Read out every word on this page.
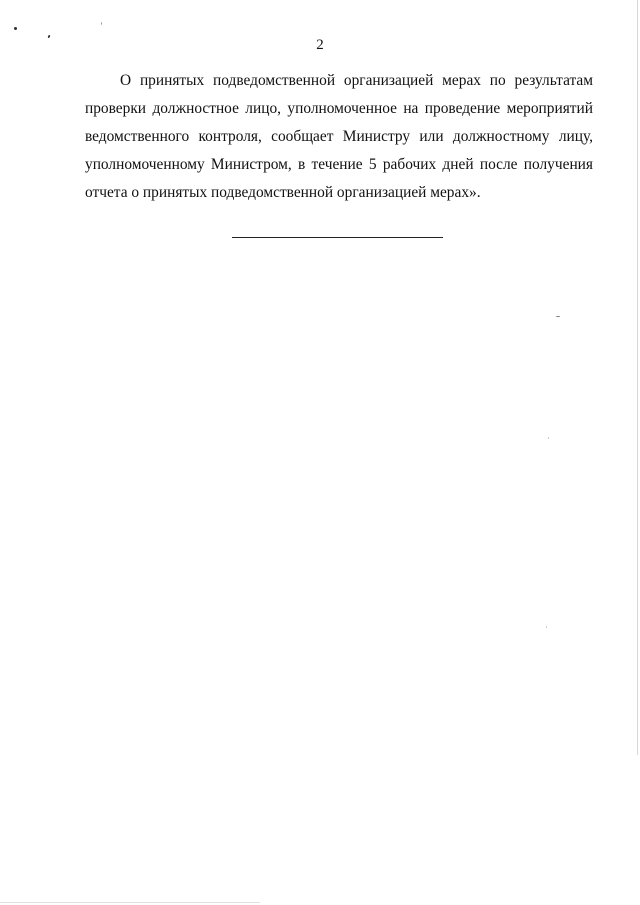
2

О принятых подведомственной организацией мерах по результатам проверки должностное лицо, уполномоченное на проведение мероприятий ведомственного контроля, сообщает Министру или должностному лицу, уполномоченному Министром, в течение 5 рабочих дней после получения отчета о принятых подведомственной организацией мерах».
